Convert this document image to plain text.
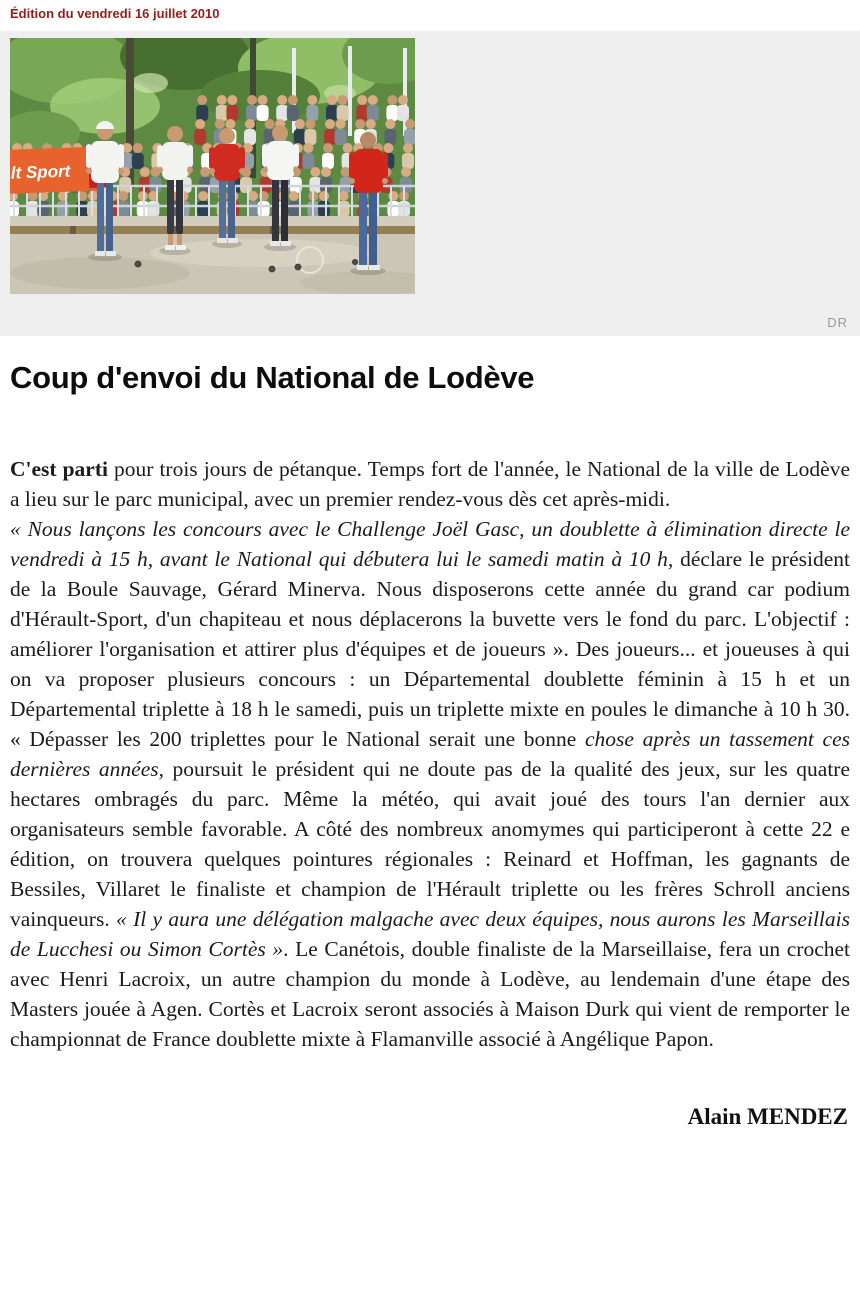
Édition du vendredi 16 juillet 2010
lt Sport
DR
Coup d'envoi du National de Lodève

C'est parti pour trois jours de pétanque. Temps fort de l'année, le National de la ville de Lodève a lieu sur le parc municipal, avec un premier rendez-vous dès cet après-midi.

« Nous lançons les concours avec le Challenge Joël Gasc, un doublette à élimination directe le vendredi à 15 h, avant le National qui débutera lui le samedi matin à 10 h, déclare le président de la Boule Sauvage, Gérard Minerva. Nous disposerons cette année du grand car podium d'Hérault-Sport, d'un chapiteau et nous déplacerons la buvette vers le fond du parc. L'objectif : améliorer l'organisation et attirer plus d'équipes et de joueurs ». Des joueurs... et joueuses à qui on va proposer plusieurs concours : un Départemental doublette féminin à 15 h et un Départemental triplette à 18 h le samedi, puis un triplette mixte en poules le dimanche à 10 h 30. « Dépasser les 200 triplettes pour le National serait une bonne chose après un tassement ces dernières années, poursuit le président qui ne doute pas de la qualité des jeux, sur les quatre hectares ombragés du parc. Même la météo, qui avait joué des tours l'an dernier aux organisateurs semble favorable. A côté des nombreux anomymes qui participeront à cette 22 e édition, on trouvera quelques pointures régionales : Reinard et Hoffman, les gagnants de Bessiles, Villaret le finaliste et champion de l'Hérault triplette ou les frères Schroll anciens vainqueurs. « Il y aura une délégation malgache avec deux équipes, nous aurons les Marseillais de Lucchesi ou Simon Cortès ». Le Canétois, double finaliste de la Marseillaise, fera un crochet avec Henri Lacroix, un autre champion du monde à Lodève, au lendemain d'une étape des Masters jouée à Agen. Cortès et Lacroix seront associés à Maison Durk qui vient de remporter le championnat de France doublette mixte à Flamanville associé à Angélique Papon.

Alain MENDEZ
